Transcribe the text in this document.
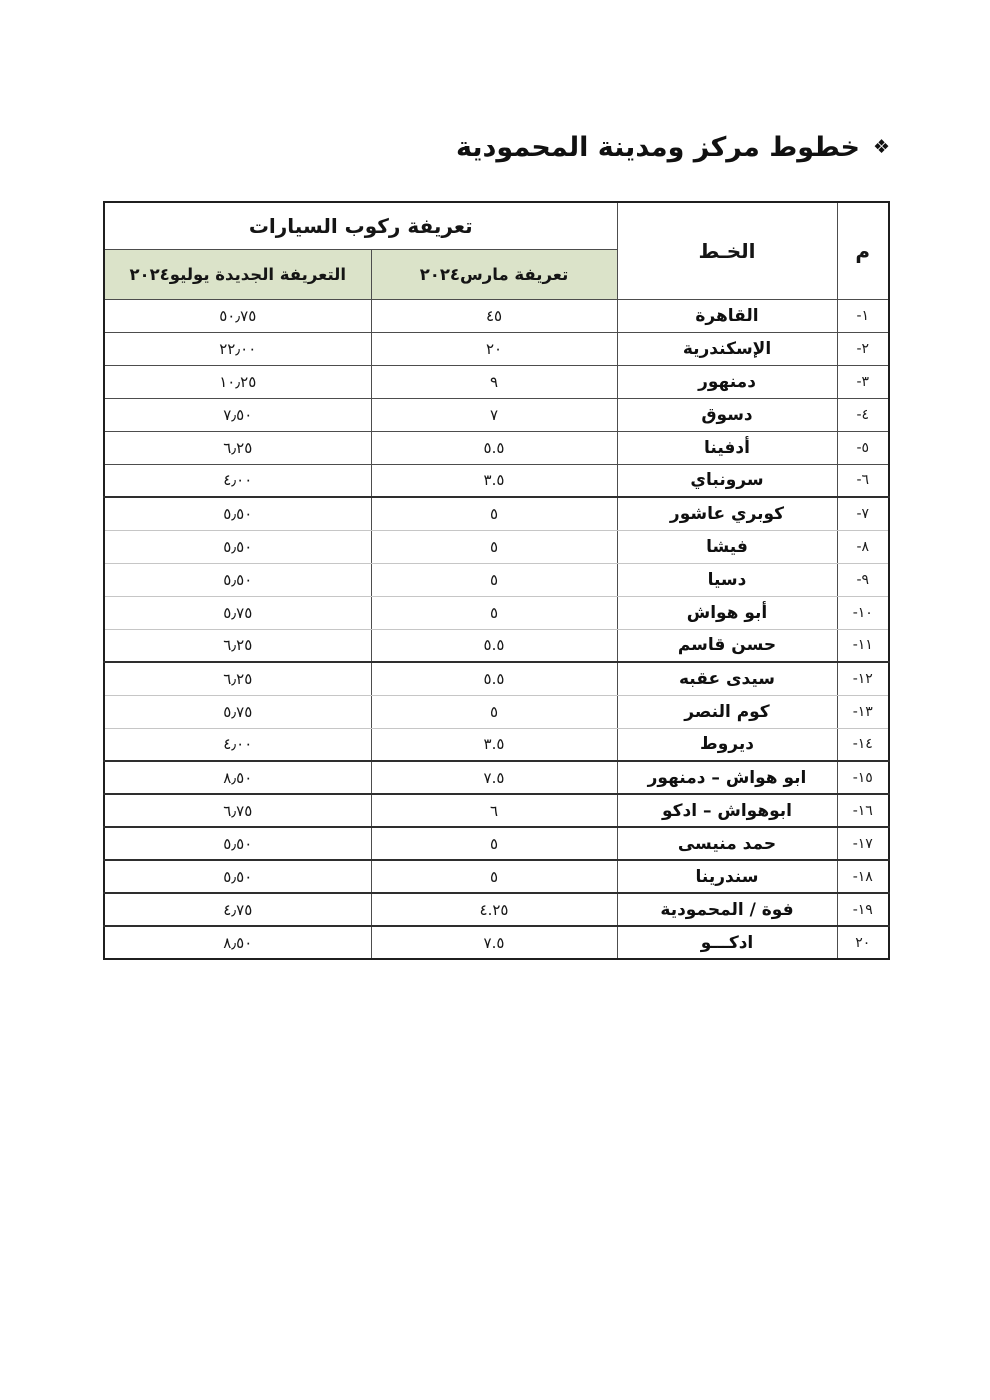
❖خطوط مركز ومدينة المحمودية
م	الخـط	تعريفة ركوب السيارات	
		تعريفة مارس٢٠٢٤	التعريفة الجديدة يوليو٢٠٢٤
-١	القاهرة	٤٥	٥٠٫٧٥
-٢	الإسكندرية	٢٠	٢٢٫٠٠
-٣	دمنهور	٩	١٠٫٢٥
-٤	دسوق	٧	٧٫٥٠
-٥	أدفينا	٥.٥	٦٫٢٥
-٦	سرونباي	٣.٥	٤٫٠٠
-٧	كوبري عاشور	٥	٥٫٥٠
-٨	فيشا	٥	٥٫٥٠
-٩	دسيا	٥	٥٫٥٠
-١٠	أبو هواش	٥	٥٫٧٥
-١١	حسن قاسم	٥.٥	٦٫٢٥
-١٢	سيدى عقبه	٥.٥	٦٫٢٥
-١٣	كوم النصر	٥	٥٫٧٥
-١٤	ديروط	٣.٥	٤٫٠٠
-١٥	ابو هواش – دمنهور	٧.٥	٨٫٥٠
-١٦	ابوهواش – ادكو	٦	٦٫٧٥
-١٧	حمد منيسى	٥	٥٫٥٠
-١٨	سندرينا	٥	٥٫٥٠
-١٩	فوة / المحمودية	٤.٢٥	٤٫٧٥
٢٠	ادكـــو	٧.٥	٨٫٥٠
